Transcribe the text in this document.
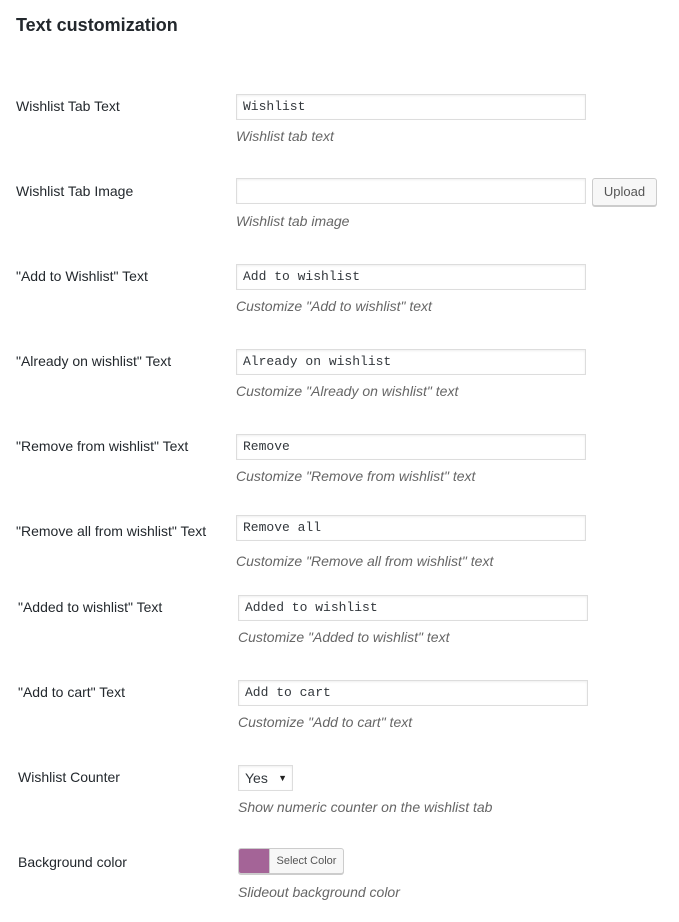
Text customization
Wishlist Tab Text	Wishlist
Wishlist tab text
Wishlist Tab Image	Upload
Wishlist tab image
"Add to Wishlist" Text	Add to wishlist
Customize "Add to wishlist" text
"Already on wishlist" Text	Already on wishlist
Customize "Already on wishlist" text
"Remove from wishlist" Text	Remove
Customize "Remove from wishlist" text
"Remove all from wishlist" Text	Remove all
Customize "Remove all from wishlist" text
"Added to wishlist" Text	Added to wishlist
Customize "Added to wishlist" text
"Add to cart" Text	Add to cart
Customize "Add to cart" text
Wishlist Counter	Yes ▼
Show numeric counter on the wishlist tab
Background color	Select Color
Slideout background color
